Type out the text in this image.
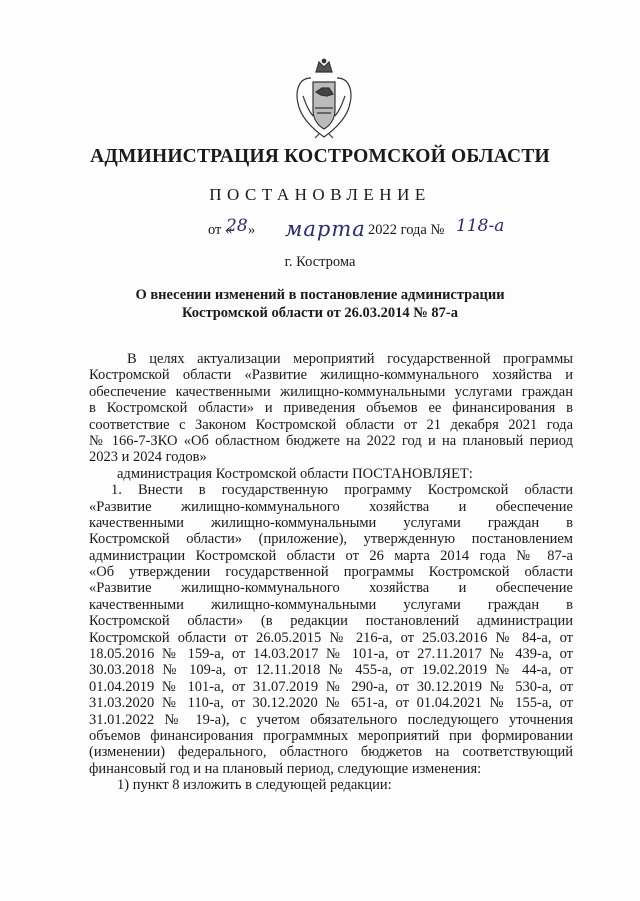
АДМИНИСТРАЦИЯ КОСТРОМСКОЙ ОБЛАСТИ
ПОСТАНОВЛЕНИЕ
от «
28 » марта 2022 года № 118-а
г. Кострома
О внесении изменений в постановление администрации
Костромской области от 26.03.2014 № 87-а
В целях актуализации мероприятий государственной программы
Костромской области «Развитие жилищно-коммунального хозяйства и
обеспечение качественными жилищно-коммунальными услугами граждан
в Костромской области» и приведения объемов ее финансирования в
соответствие с Законом Костромской области от 21 декабря 2021 года
№ 166-7-ЗКО «Об областном бюджете на 2022 год и на плановый период
2023 и 2024 годов»
администрация Костромской области ПОСТАНОВЛЯЕТ:
1. Внести в государственную программу Костромской области
«Развитие жилищно-коммунального хозяйства и обеспечение
качественными жилищно-коммунальными услугами граждан в
Костромской области» (приложение), утвержденную постановлением
администрации Костромской области от 26 марта 2014 года № 87-а
«Об утверждении государственной программы Костромской области
«Развитие жилищно-коммунального хозяйства и обеспечение
качественными жилищно-коммунальными услугами граждан в
Костромской области» (в редакции постановлений администрации
Костромской области от 26.05.2015 № 216-а, от 25.03.2016 № 84-а, от
18.05.2016 № 159-а, от 14.03.2017 № 101-а, от 27.11.2017 № 439-а, от
30.03.2018 № 109-а, от 12.11.2018 № 455-а, от 19.02.2019 № 44-а, от
01.04.2019 № 101-а, от 31.07.2019 № 290-а, от 30.12.2019 № 530-а, от
31.03.2020 № 110-а, от 30.12.2020 № 651-а, от 01.04.2021 № 155-а, от
31.01.2022 № 19-а), с учетом обязательного последующего уточнения
объемов финансирования программных мероприятий при формировании
(изменении) федерального, областного бюджетов на соответствующий
финансовый год и на плановый период, следующие изменения:
1) пункт 8 изложить в следующей редакции:
